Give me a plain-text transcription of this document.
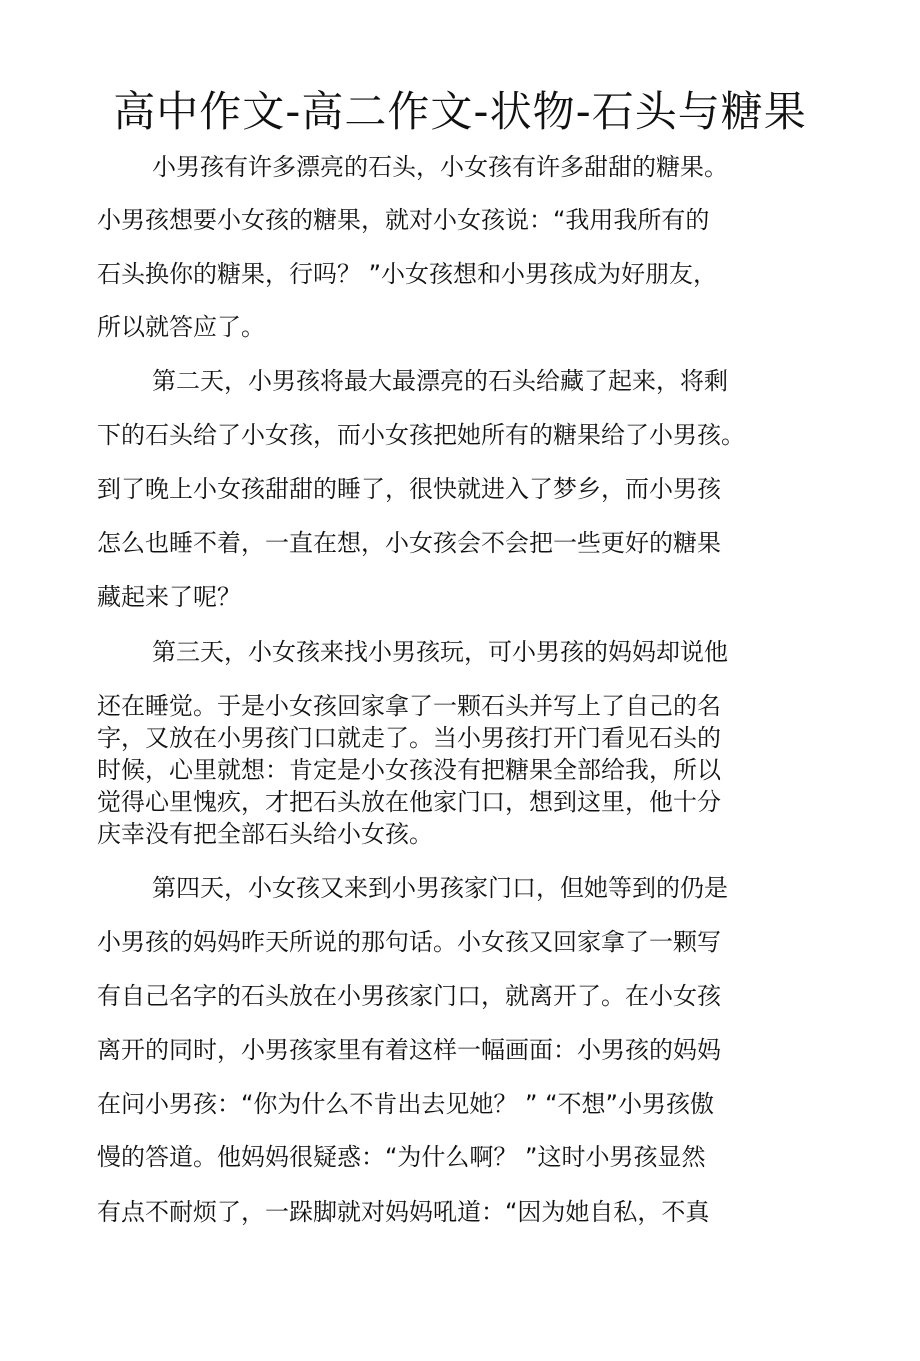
高中作文-高二作文-状物-石头与糖果

小男孩有许多漂亮的石头，小女孩有许多甜甜的糖果。

小男孩想要小女孩的糖果，就对小女孩说：“我用我所有的

石头换你的糖果，行吗？ ”小女孩想和小男孩成为好朋友，

所以就答应了。

第二天，小男孩将最大最漂亮的石头给藏了起来，将剩

下的石头给了小女孩，而小女孩把她所有的糖果给了小男孩。

到了晚上小女孩甜甜的睡了，很快就进入了梦乡，而小男孩

怎么也睡不着，一直在想，小女孩会不会把一些更好的糖果

藏起来了呢？

第三天，小女孩来找小男孩玩，可小男孩的妈妈却说他

还在睡觉。于是小女孩回家拿了一颗石头并写上了自己的名

字，又放在小男孩门口就走了。当小男孩打开门看见石头的

时候，心里就想：肯定是小女孩没有把糖果全部给我，所以

觉得心里愧疚，才把石头放在他家门口，想到这里，他十分

庆幸没有把全部石头给小女孩。

第四天，小女孩又来到小男孩家门口，但她等到的仍是

小男孩的妈妈昨天所说的那句话。小女孩又回家拿了一颗写

有自己名字的石头放在小男孩家门口，就离开了。在小女孩

离开的同时，小男孩家里有着这样一幅画面：小男孩的妈妈

在问小男孩：“你为什么不肯出去见她？ ” “不想”小男孩傲

慢的答道。他妈妈很疑惑：“为什么啊？ ”这时小男孩显然

有点不耐烦了，一跺脚就对妈妈吼道：“因为她自私，不真
